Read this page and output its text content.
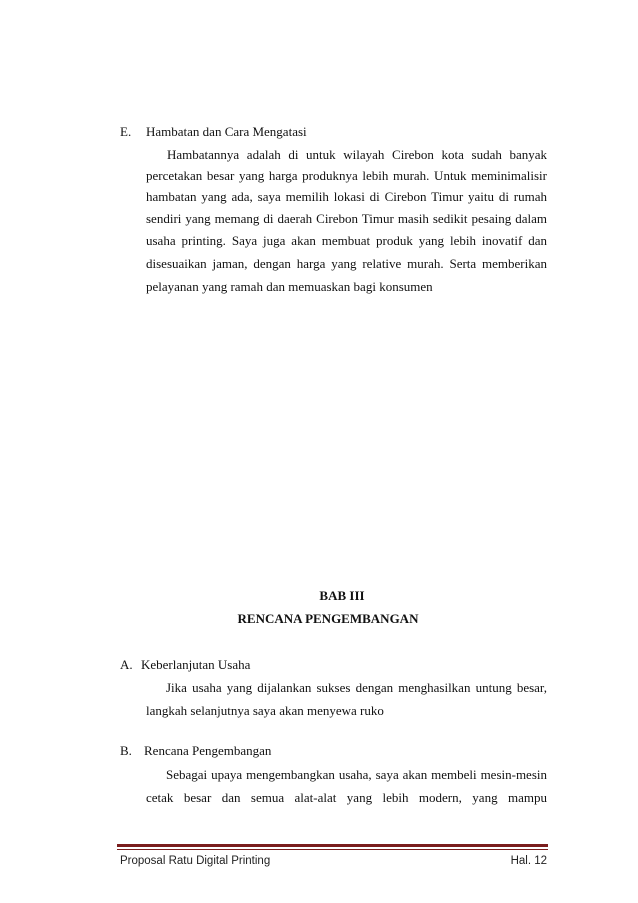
E. Hambatan dan Cara Mengatasi
Hambatannya adalah di untuk wilayah Cirebon kota sudah banyak
percetakan besar yang harga produknya lebih murah. Untuk meminimalisir
hambatan yang ada, saya memilih lokasi di Cirebon Timur yaitu di rumah
sendiri yang memang di daerah Cirebon Timur masih sedikit pesaing dalam
usaha printing. Saya juga akan membuat produk yang lebih inovatif dan
disesuaikan jaman, dengan harga yang relative murah. Serta memberikan
pelayanan yang ramah dan memuaskan bagi konsumen
BAB III
RENCANA PENGEMBANGAN
A. Keberlanjutan Usaha
Jika usaha yang dijalankan sukses dengan menghasilkan untung besar,
langkah selanjutnya saya akan menyewa ruko
B. Rencana Pengembangan
Sebagai upaya mengembangkan usaha, saya akan membeli mesin-mesin
cetak besar dan semua alat-alat yang lebih modern, yang mampu
Proposal Ratu Digital Printing	Hal. 12
